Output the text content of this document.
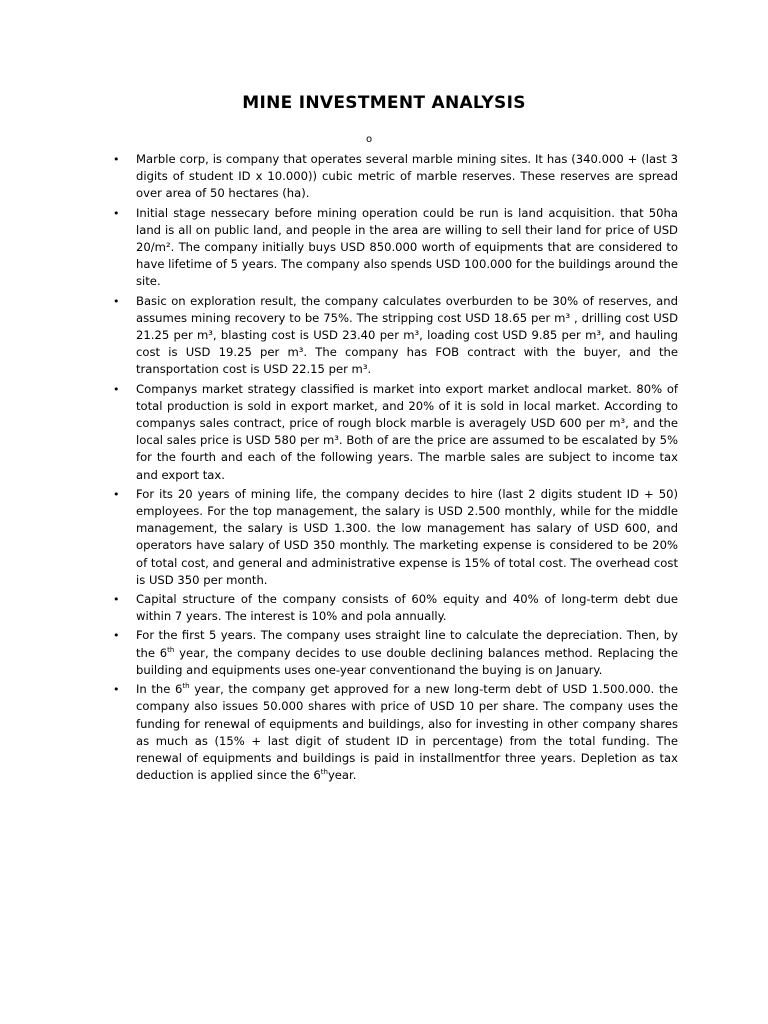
MINE INVESTMENT ANALYSIS
o
• Marble corp, is company that operates several marble mining sites. It has (340.000 + (last 3 digits of student ID x 10.000)) cubic metric of marble reserves. These reserves are spread over area of 50 hectares (ha).
• Initial stage nessecary before mining operation could be run is land acquisition. that 50ha land is all on public land, and people in the area are willing to sell their land for price of USD 20/m². The company initially buys USD 850.000 worth of equipments that are considered to have lifetime of 5 years. The company also spends USD 100.000 for the buildings around the site.
• Basic on exploration result, the company calculates overburden to be 30% of reserves, and assumes mining recovery to be 75%. The stripping cost USD 18.65 per m³ , drilling cost USD 21.25 per m³, blasting cost is USD 23.40 per m³, loading cost USD 9.85 per m³, and hauling cost is USD 19.25 per m³. The company has FOB contract with the buyer, and the transportation cost is USD 22.15 per m³.
• Companys market strategy classified is market into export market andlocal market. 80% of total production is sold in export market, and 20% of it is sold in local market. According to companys sales contract, price of rough block marble is averagely USD 600 per m³, and the local sales price is USD 580 per m³. Both of are the price are assumed to be escalated by 5% for the fourth and each of the following years. The marble sales are subject to income tax and export tax.
• For its 20 years of mining life, the company decides to hire (last 2 digits student ID + 50) employees. For the top management, the salary is USD 2.500 monthly, while for the middle management, the salary is USD 1.300. the low management has salary of USD 600, and operators have salary of USD 350 monthly. The marketing expense is considered to be 20% of total cost, and general and administrative expense is 15% of total cost. The overhead cost is USD 350 per month.
• Capital structure of the company consists of 60% equity and 40% of long-term debt due within 7 years. The interest is 10% and pola annually.
• For the first 5 years. The company uses straight line to calculate the depreciation. Then, by the 6th year, the company decides to use double declining balances method. Replacing the building and equipments uses one-year conventionand the buying is on January.
• In the 6th year, the company get approved for a new long-term debt of USD 1.500.000. the company also issues 50.000 shares with price of USD 10 per share. The company uses the funding for renewal of equipments and buildings, also for investing in other company shares as much as (15% + last digit of student ID in percentage) from the total funding. The renewal of equipments and buildings is paid in installmentfor three years. Depletion as tax deduction is applied since the 6thyear.
